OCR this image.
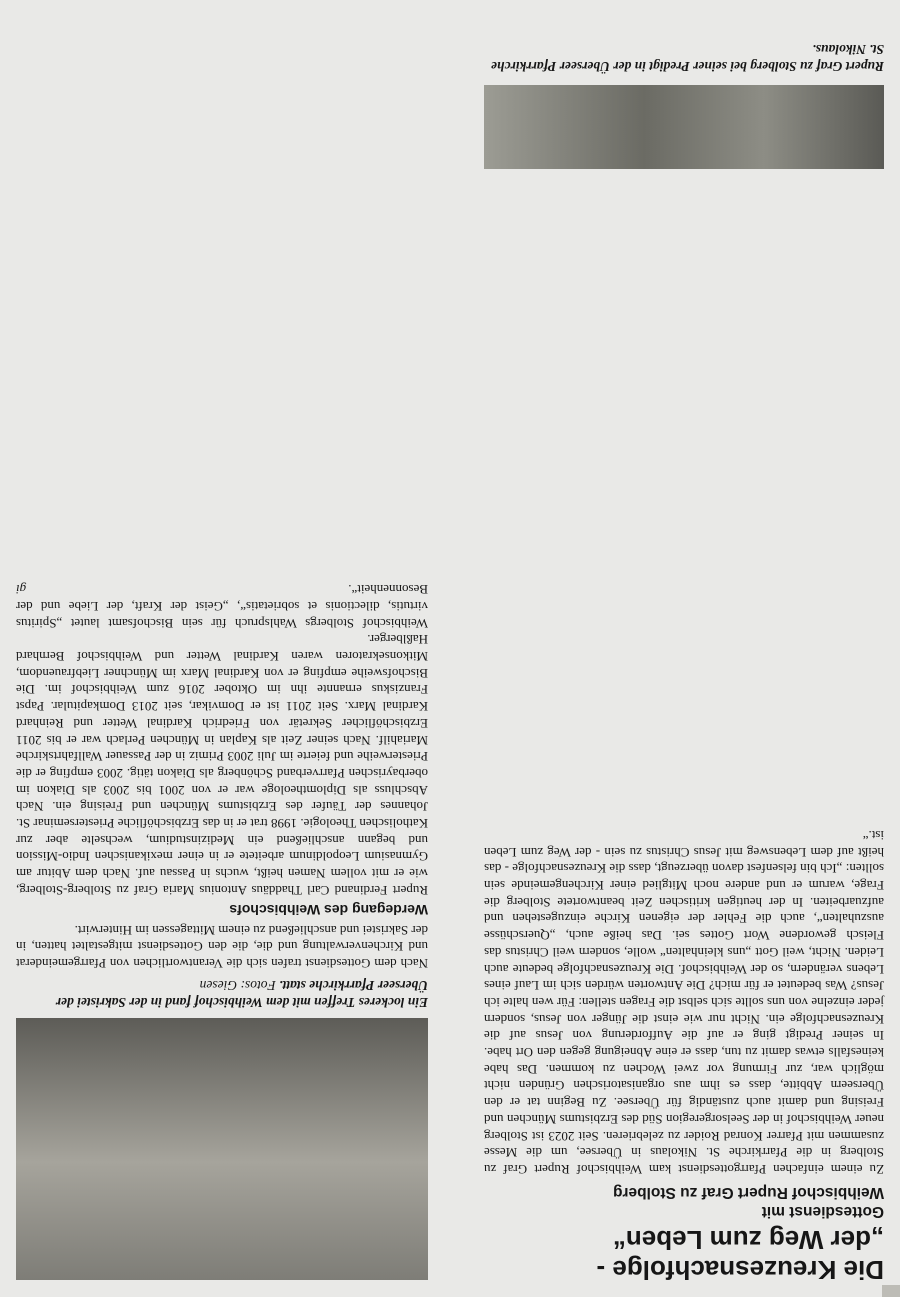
Die Kreuzesnachfolge -
„der Weg zum Leben“
Gottesdienst mit
Weihbischof Rupert Graf zu Stolberg

Zu einem einfachen Pfarrgottesdienst kam Weihbischof Rupert Graf zu Stolberg in die Pfarrkirche St. Nikolaus in Übersee, um die Messe zusammen mit Pfarrer Konrad Roider zu zelebrieren. Seit 2023 ist Stolberg neuer Weihbischof in der Seelsorgeregion Süd des Erzbistums München und Freising und damit auch zuständig für Übersee. Zu Beginn tat er den Überseern Abbitte, dass es ihm aus organisatorischen Gründen nicht möglich war, zur Firmung vor zwei Wochen zu kommen. Das habe keinesfalls etwas damit zu tun, dass er eine Abneigung gegen den Ort habe. In seiner Predigt ging er auf die Aufforderung von Jesus auf die Kreuzesnachfolge ein. Nicht nur wie einst die Jünger von Jesus, sondern jeder einzelne von uns sollte sich selbst die Fragen stellen: Für wen halte ich Jesus? Was bedeutet er für mich? Die Antworten würden sich im Lauf eines Lebens verändern, so der Weihbischof. Die Kreuzesnachfolge bedeute auch Leiden. Nicht, weil Gott „uns kleinhalten“ wolle, sondern weil Christus das Fleisch gewordene Wort Gottes sei. Das heiße auch, „Querschüsse auszuhalten“, auch die Fehler der eigenen Kirche einzugestehen und aufzuarbeiten. In der heutigen kritischen Zeit beantwortete Stolberg die Frage, warum er und andere noch Mitglied einer Kirchengemeinde sein sollten: „Ich bin felsenfest davon überzeugt, dass die Kreuzesnachfolge - das heißt auf dem Lebensweg mit Jesus Christus zu sein - der Weg zum Leben ist.“

Rupert Graf zu Stolberg bei seiner Predigt in der Überseer Pfarrkirche St. Nikolaus.

Ein lockeres Treffen mit dem Weihbischof fand in der Sakristei der Überseer Pfarrkirche statt. Fotos: Giesen

Nach dem Gottesdienst trafen sich die Verantwortlichen von Pfarrgemeinderat und Kirchenverwaltung und die, die den Gottesdienst mitgestaltet hatten, in der Sakristei und anschließend zu einem Mittagessen im Hinterwirt.

Werdegang des Weihbischofs

Rupert Ferdinand Carl Thaddäus Antonius Maria Graf zu Stolberg-Stolberg, wie er mit vollem Namen heißt, wuchs in Passau auf. Nach dem Abitur am Gymnasium Leopoldinum arbeitete er in einer mexikanischen Indio-Mission und begann anschließend ein Medizinstudium, wechselte aber zur Katholischen Theologie. 1998 trat er in das Erzbischöfliche Priesterseminar St. Johannes der Täufer des Erzbistums München und Freising ein. Nach Abschluss als Diplomtheologe war er von 2001 bis 2003 als Diakon im oberbayrischen Pfarrverband Schönberg als Diakon tätig. 2003 empfing er die Priesterweihe und feierte im Juli 2003 Primiz in der Passauer Wallfahrtskirche Mariahilf. Nach seiner Zeit als Kaplan in München Perlach war er bis 2011 Erzbischöflicher Sekretär von Friedrich Kardinal Wetter und Reinhard Kardinal Marx. Seit 2011 ist er Domvikar, seit 2013 Domkapitular. Papst Franziskus ernannte ihn im Oktober 2016 zum Weihbischof im. Die Bischofsweihe empfing er von Kardinal Marx im Münchner Liebfrauendom, Mitkonsekratoren waren Kardinal Wetter und Weihbischof Bernhard Haßlberger.

Weihbischof Stolbergs Wahlspruch für sein Bischofsamt lautet „Spiritus virtutis, dilectionis et sobrietatis“, „Geist der Kraft, der Liebe und der Besonnenheit“.
gi
